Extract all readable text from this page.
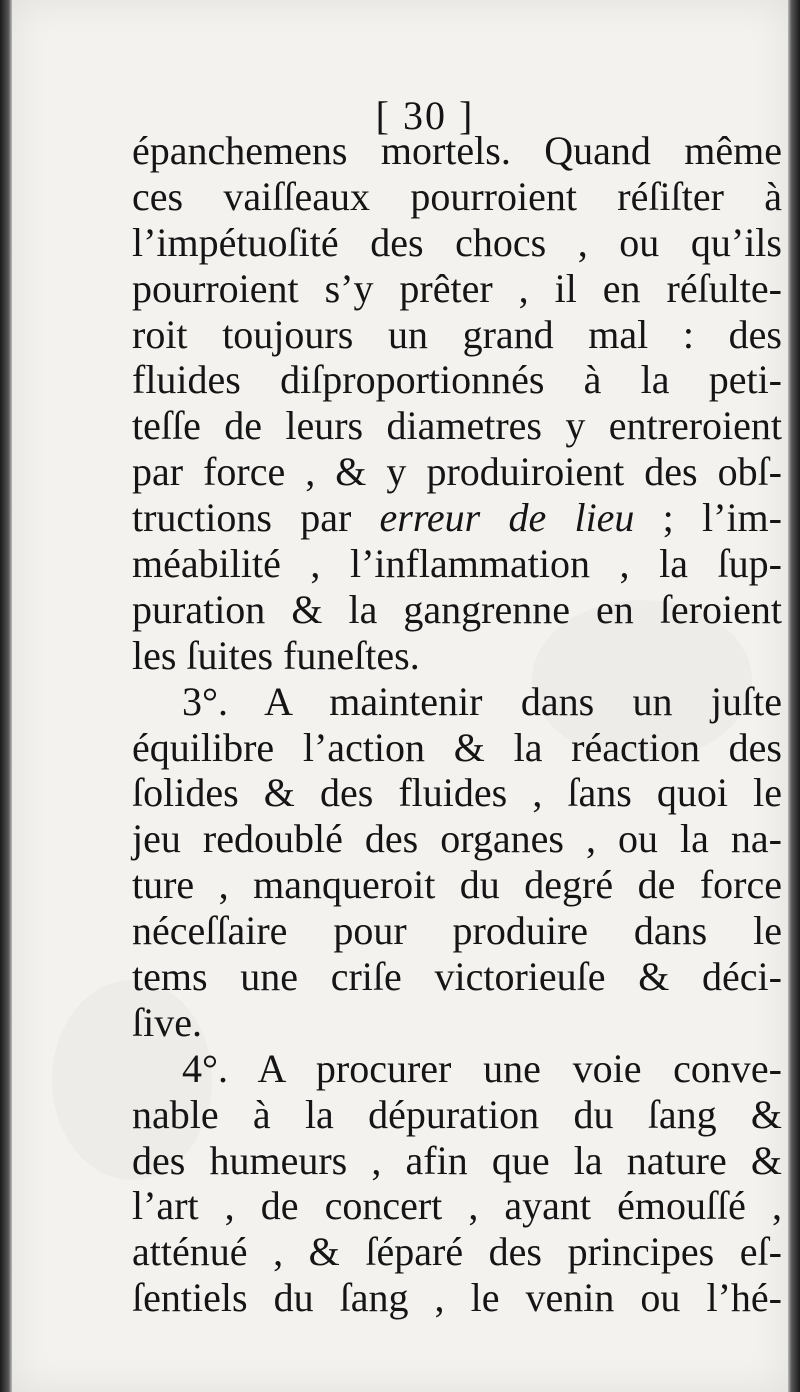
[ 30 ]
épanchemens mortels. Quand même
ces vaiſſeaux pourroient réſiſter à
l’impétuoſité des chocs , ou qu’ils
pourroient s’y prêter , il en réſulte-
roit toujours un grand mal : des
fluides diſproportionnés à la peti-
teſſe de leurs diametres y entreroient
par force , & y produiroient des obſ-
tructions par erreur de lieu ; l’im-
méabilité , l’inflammation , la ſup-
puration & la gangrenne en ſeroient
les ſuites funeſtes.
3°. A maintenir dans un juſte
équilibre l’action & la réaction des
ſolides & des fluides , ſans quoi le
jeu redoublé des organes , ou la na-
ture , manqueroit du degré de force
néceſſaire pour produire dans le
tems une criſe victorieuſe & déci-
ſive.
4°. A procurer une voie conve-
nable à la dépuration du ſang &
des humeurs , afin que la nature &
l’art , de concert , ayant émouſſé ,
atténué , & ſéparé des principes eſ-
ſentiels du ſang , le venin ou l’hé-
